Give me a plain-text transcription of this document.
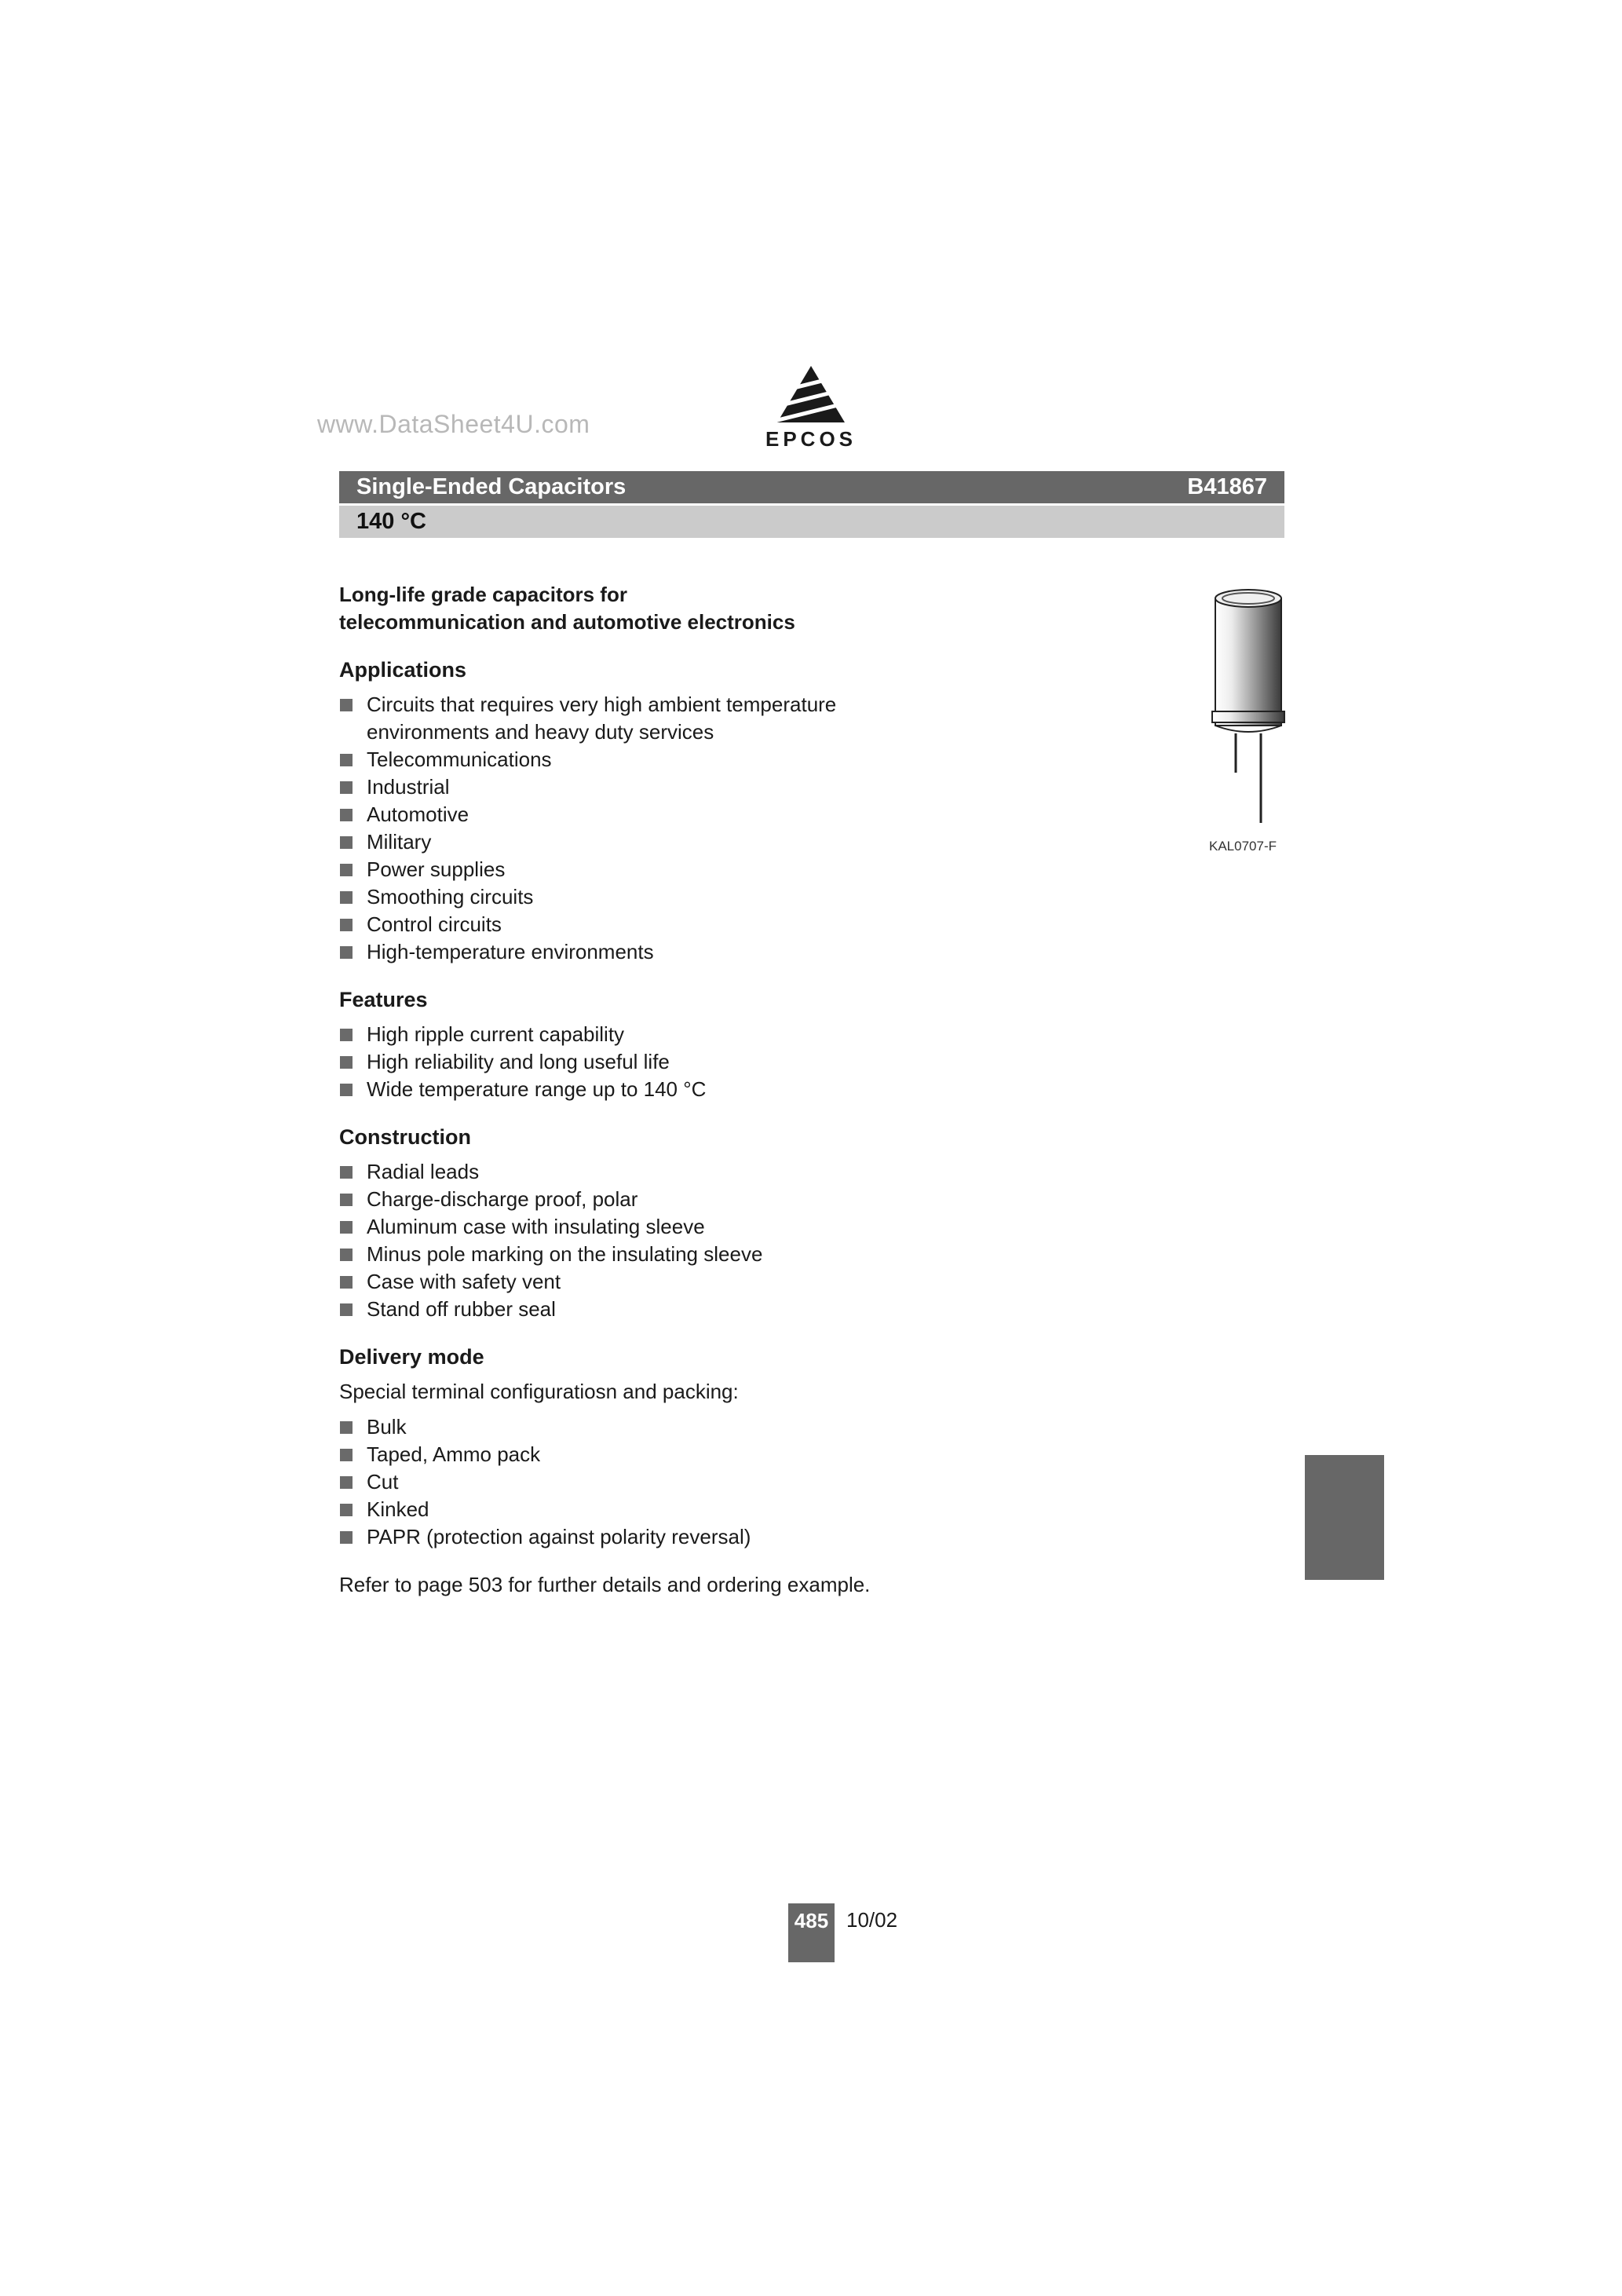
www.DataSheet4U.com
EPCOS
Single-Ended Capacitors	B41867
140 °C

Long-life grade capacitors for
telecommunication and automotive electronics

Applications

Circuits that requires very high ambient temperature
environments and heavy duty services
Telecommunications
Industrial
Automotive
Military
Power supplies
Smoothing circuits
Control circuits
High-temperature environments

Features

High ripple current capability
High reliability and long useful life
Wide temperature range up to 140 °C

Construction

Radial leads
Charge-discharge proof, polar
Aluminum case with insulating sleeve
Minus pole marking on the insulating sleeve
Case with safety vent
Stand off rubber seal

Delivery mode

Special terminal configuratiosn and packing:

Bulk
Taped, Ammo pack
Cut
Kinked
PAPR (protection against polarity reversal)

Refer to page 503 for further details and ordering example.

KAL0707-F
485 10/02
